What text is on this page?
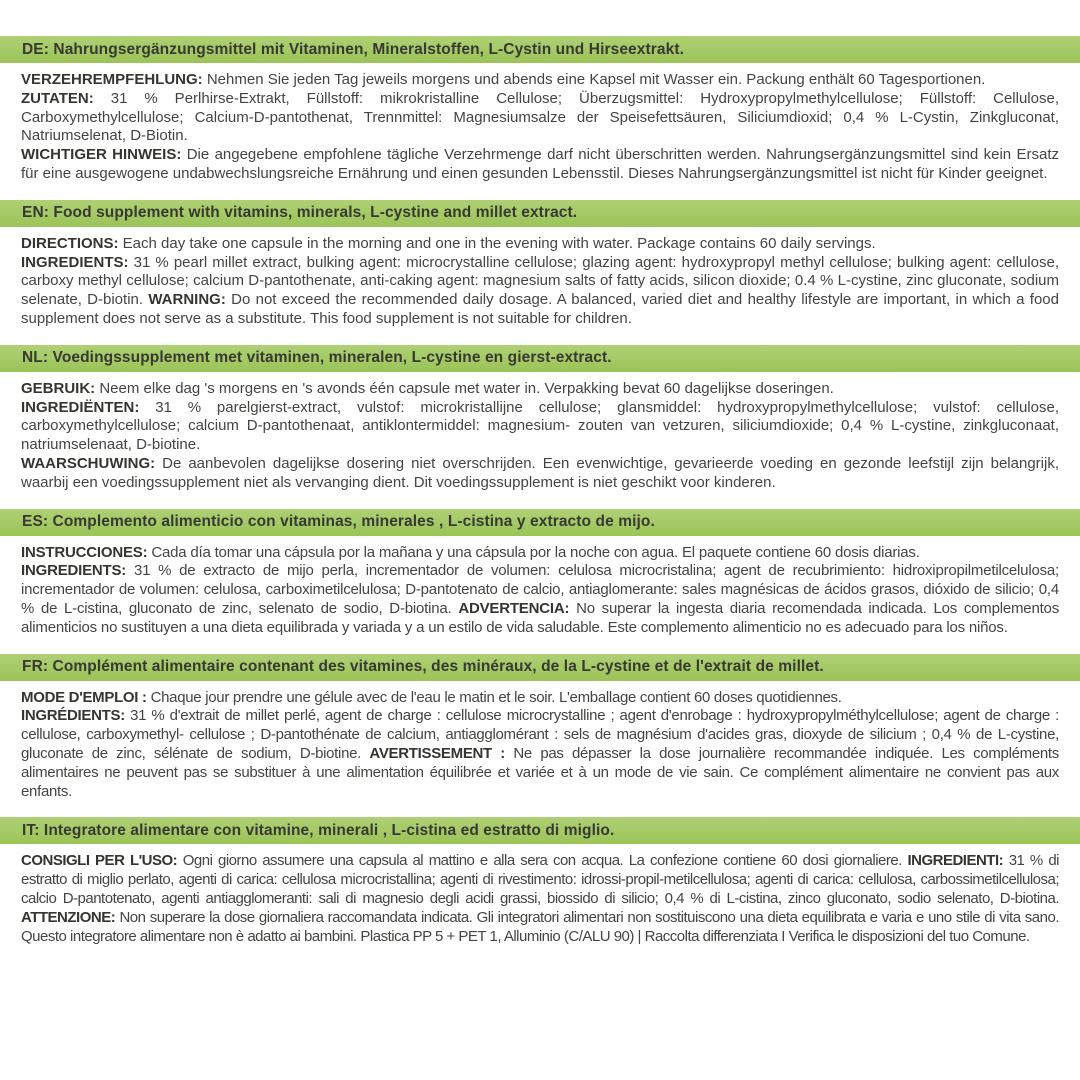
DE: Nahrungsergänzungsmittel mit Vitaminen, Mineralstoffen, L-Cystin und Hirseextrakt.

VERZEHREMPFEHLUNG: Nehmen Sie jeden Tag jeweils morgens und abends eine Kapsel mit Wasser ein. Packung enthält 60 Tagesportionen.

ZUTATEN: 31 % Perlhirse-Extrakt, Füllstoff: mikrokristalline Cellulose; Überzugsmittel: Hydroxypropylmethylcellulose; Füllstoff: Cellulose, Carboxymethylcellulose; Calcium-D-pantothenat, Trennmittel: Magnesiumsalze der Speisefettsäuren, Siliciumdioxid; 0,4 % L-Cystin, Zinkgluconat, Natriumselenat, D-Biotin.

WICHTIGER HINWEIS: Die angegebene empfohlene tägliche Verzehrmenge darf nicht überschritten werden. Nahrungsergänzungsmittel sind kein Ersatz für eine ausgewogene undabwechslungsreiche Ernährung und einen gesunden Lebensstil. Dieses Nahrungsergänzungsmittel ist nicht für Kinder geeignet.

EN: Food supplement with vitamins, minerals, L-cystine and millet extract.

DIRECTIONS: Each day take one capsule in the morning and one in the evening with water. Package contains 60 daily servings.

INGREDIENTS: 31 % pearl millet extract, bulking agent: microcrystalline cellulose; glazing agent: hydroxypropyl methyl cellulose; bulking agent: cellulose, carboxy methyl cellulose; calcium D-pantothenate, anti-caking agent: magnesium salts of fatty acids, silicon dioxide; 0.4 % L-cystine, zinc gluconate, sodium selenate, D-biotin. WARNING: Do not exceed the recommended daily dosage. A balanced, varied diet and healthy lifestyle are important, in which a food supplement does not serve as a substitute. This food supplement is not suitable for children.

NL: Voedingssupplement met vitaminen, mineralen, L-cystine en gierst-extract.

GEBRUIK: Neem elke dag 's morgens en 's avonds één capsule met water in. Verpakking bevat 60 dagelijkse doseringen.

INGREDIËNTEN: 31 % parelgierst-extract, vulstof: microkristallijne cellulose; glansmiddel: hydroxypropylmethylcellulose; vulstof: cellulose, carboxymethylcellulose; calcium D-pantothenaat, antiklontermiddel: magnesium- zouten van vetzuren, siliciumdioxide; 0,4 % L-cystine, zinkgluconaat, natriumselenaat, D-biotine.

WAARSCHUWING: De aanbevolen dagelijkse dosering niet overschrijden. Een evenwichtige, gevarieerde voeding en gezonde leefstijl zijn belangrijk, waarbij een voedingssupplement niet als vervanging dient. Dit voedingssupplement is niet geschikt voor kinderen.

ES: Complemento alimenticio con vitaminas, minerales , L-cistina y extracto de mijo.

INSTRUCCIONES: Cada día tomar una cápsula por la mañana y una cápsula por la noche con agua. El paquete contiene 60 dosis diarias.

INGREDIENTS: 31 % de extracto de mijo perla, incrementador de volumen: celulosa microcristalina; agent de recubrimiento: hidroxipropilmetilcelulosa; incrementador de volumen: celulosa, carboximetilcelulosa; D-pantotenato de calcio, antiaglomerante: sales magnésicas de ácidos grasos, dióxido de silicio; 0,4 % de L-cistina, gluconato de zinc, selenato de sodio, D-biotina. ADVERTENCIA: No superar la ingesta diaria recomendada indicada. Los complementos alimenticios no sustituyen a una dieta equilibrada y variada y a un estilo de vida saludable. Este complemento alimenticio no es adecuado para los niños.

FR: Complément alimentaire contenant des vitamines, des minéraux, de la L-cystine et de l'extrait de millet.

MODE D'EMPLOI : Chaque jour prendre une gélule avec de l'eau le matin et le soir. L'emballage contient 60 doses quotidiennes.

INGRÉDIENTS: 31 % d'extrait de millet perlé, agent de charge : cellulose microcrystalline ; agent d'enrobage : hydroxypropylméthylcellulose; agent de charge : cellulose, carboxymethyl- cellulose ; D-pantothénate de calcium, antiagglomérant : sels de magnésium d'acides gras, dioxyde de silicium ; 0,4 % de L-cystine, gluconate de zinc, sélénate de sodium, D-biotine. AVERTISSEMENT : Ne pas dépasser la dose journalière recommandée indiquée. Les compléments alimentaires ne peuvent pas se substituer à une alimentation équilibrée et variée et à un mode de vie sain. Ce complément alimentaire ne convient pas aux enfants.

IT: Integratore alimentare con vitamine, minerali , L-cistina ed estratto di miglio.

CONSIGLI PER L'USO: Ogni giorno assumere una capsula al mattino e alla sera con acqua. La confezione contiene 60 dosi giornaliere. INGREDIENTI: 31 % di estratto di miglio perlato, agenti di carica: cellulosa microcristallina; agenti di rivestimento: idrossi-propil-metilcellulosa; agenti di carica: cellulosa, carbossimetilcellulosa; calcio D-pantotenato, agenti antiagglomeranti: sali di magnesio degli acidi grassi, biossido di silicio; 0,4 % di L-cistina, zinco gluconato, sodio selenato, D-biotina. ATTENZIONE: Non superare la dose giornaliera raccomandata indicata. Gli integratori alimentari non sostituiscono una dieta equilibrata e varia e uno stile di vita sano. Questo integratore alimentare non è adatto ai bambini. Plastica PP 5 + PET 1, Alluminio (C/ALU 90) | Raccolta differenziata I Verifica le disposizioni del tuo Comune.
